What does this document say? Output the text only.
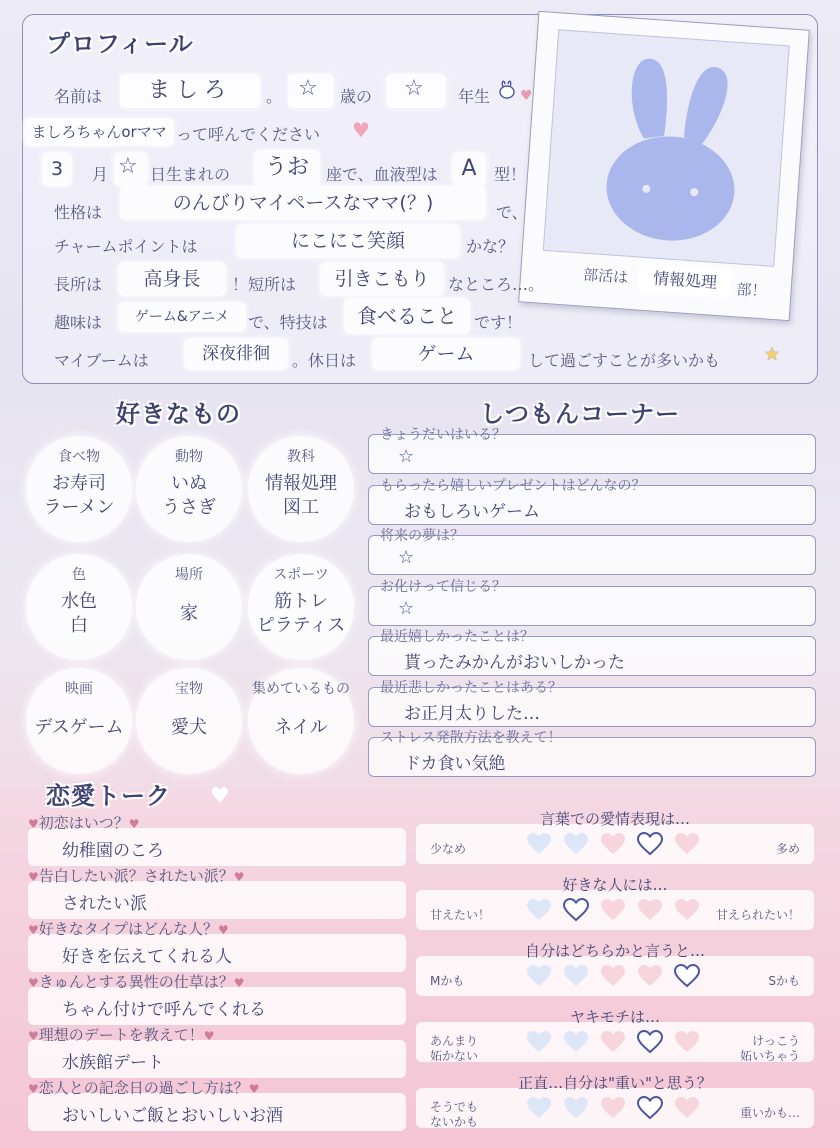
プロフィール
部活は	情報処理	部！
名前は	ましろ	。 ☆ 歳の ☆ 年生 ♥
ましろちゃんorママ って呼んでください ♥
3	月 ☆ 日生まれの	うお	座で、血液型は	A	型！
性格は	のんびりマイペースなママ(？)	で、
チャームポイントは	にこにこ笑顔	かな？
長所は	高身長	！短所は	引きこもり	なところ…。
趣味は	ゲーム&アニメ	で、特技は	食べること	です！
マイブームは	深夜徘徊	。休日は	ゲーム	して過ごすことが多いかも ★
好きなもの
食べ物
お寿司
ラーメン
動物
いぬ
うさぎ
教科
情報処理
図工
色
水色
白
場所
家
スポーツ
筋トレ
ピラティス
映画
デスゲーム
宝物
愛犬
集めているもの
ネイル
しつもんコーナー
きょうだいはいる？
☆
もらったら嬉しいプレゼントはどんなの？
おもしろいゲーム
将来の夢は？
☆
お化けって信じる？
☆
最近嬉しかったことは？
貰ったみかんがおいしかった
最近悲しかったことはある？
お正月太りした…
ストレス発散方法を教えて！
ドカ食い気絶
恋愛トーク ♥
♥初恋はいつ？♥
幼稚園のころ
♥告白したい派？されたい派？♥
されたい派
♥好きなタイプはどんな人？♥
好きを伝えてくれる人
♥きゅんとする異性の仕草は？♥
ちゃん付けで呼んでくれる
♥理想のデートを教えて！♥
水族館デート
♥恋人との記念日の過ごし方は？♥
おいしいご飯とおいしいお酒
言葉での愛情表現は…
少なめ	多め
好きな人には…
甘えたい！	甘えられたい！
自分はどちらかと言うと…
Mかも	Sかも
ヤキモチは…
あんまり
妬かない
けっこう
妬いちゃう
正直…自分は"重い"と思う？
そうでも
ないかも
重いかも…
